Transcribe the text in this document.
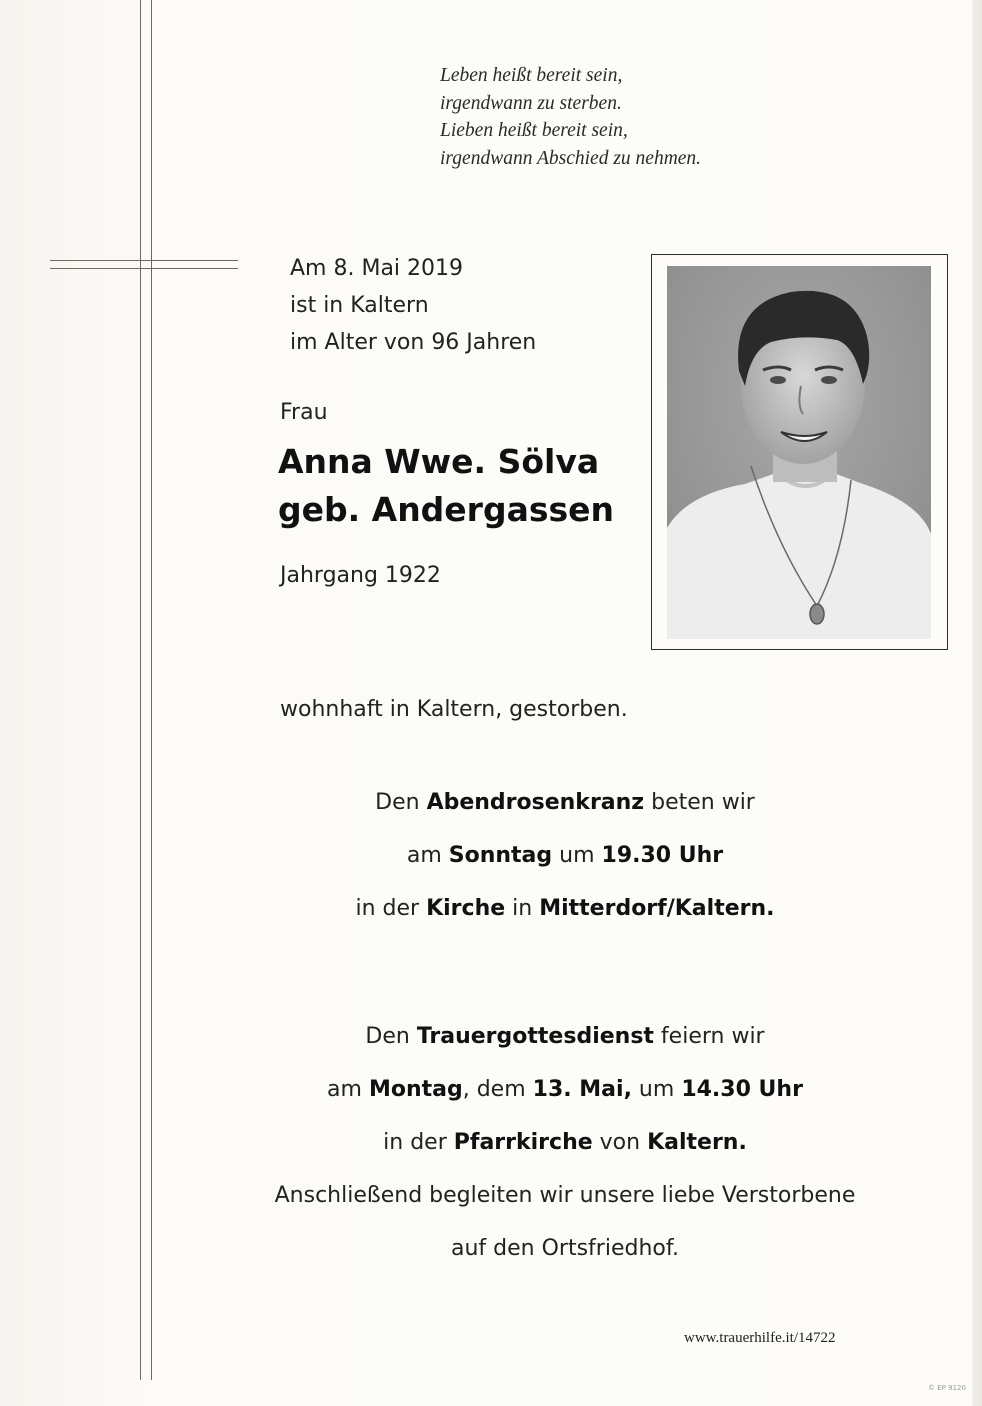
Leben heißt bereit sein,
irgendwann zu sterben.
Lieben heißt bereit sein,
irgendwann Abschied zu nehmen.
Am 8. Mai 2019
ist in Kaltern
im Alter von 96 Jahren
Frau
Anna Wwe. Sölva
geb. Andergassen
Jahrgang 1922
wohnhaft in Kaltern, gestorben.
Den Abendrosenkranz beten wir
am Sonntag um 19.30 Uhr
in der Kirche in Mitterdorf/Kaltern.
Den Trauergottesdienst feiern wir
am Montag, dem 13. Mai, um 14.30 Uhr
in der Pfarrkirche von Kaltern.
Anschließend begleiten wir unsere liebe Verstorbene
auf den Ortsfriedhof.
www.trauerhilfe.it/14722
© EP 9120
